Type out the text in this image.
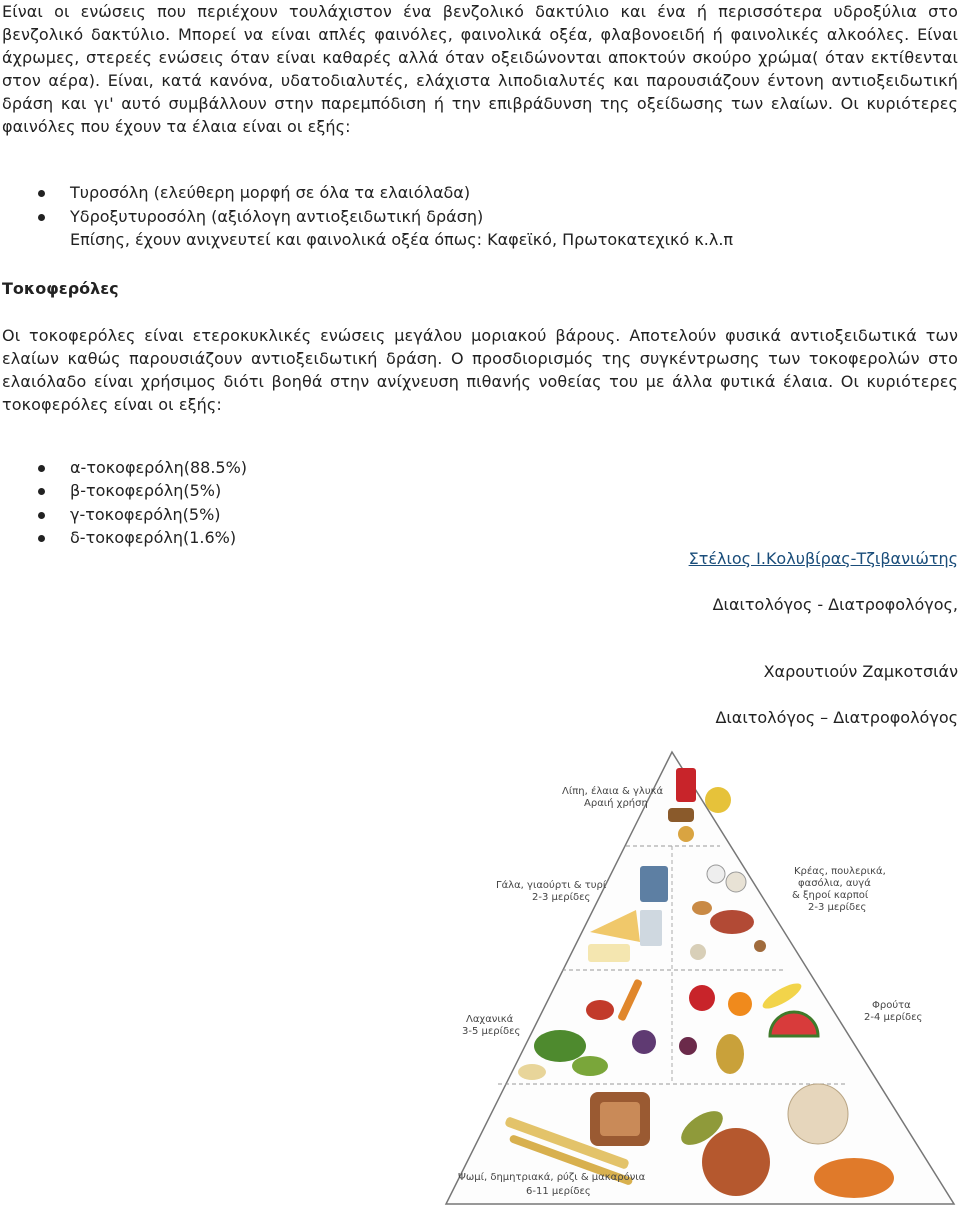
Είναι οι ενώσεις που περιέχουν τουλάχιστον ένα βενζολικό δακτύλιο και ένα ή περισσότερα υδροξύλια στο βενζολικό δακτύλιο. Μπορεί να είναι απλές φαινόλες, φαινολικά οξέα, φλαβονοειδή ή φαινολικές αλκοόλες. Είναι άχρωμες, στερεές ενώσεις όταν είναι καθαρές αλλά όταν οξειδώνονται αποκτούν σκούρο χρώμα( όταν εκτίθενται στον αέρα). Είναι, κατά κανόνα, υδατοδιαλυτές, ελάχιστα λιποδιαλυτές και παρουσιάζουν έντονη αντιοξειδωτική δράση και γι' αυτό συμβάλλουν στην παρεμπόδιση ή την επιβράδυνση της οξείδωσης των ελαίων. Οι κυριότερες φαινόλες που έχουν τα έλαια είναι οι εξής:

Τυροσόλη (ελεύθερη μορφή σε όλα τα ελαιόλαδα)
Υδροξυτυροσόλη (αξιόλογη αντιοξειδωτική δράση)
Επίσης, έχουν ανιχνευτεί και φαινολικά οξέα όπως: Καφεϊκό, Πρωτοκατεχικό κ.λ.π
Τοκοφερόλες

Οι τοκοφερόλες είναι ετεροκυκλικές ενώσεις μεγάλου μοριακού βάρους. Αποτελούν φυσικά αντιοξειδωτικά των ελαίων καθώς παρουσιάζουν αντιοξειδωτική δράση. Ο προσδιορισμός της συγκέντρωσης των τοκοφερολών στο ελαιόλαδο είναι χρήσιμος διότι βοηθά στην ανίχνευση πιθανής νοθείας του με άλλα φυτικά έλαια. Οι κυριότερες τοκοφερόλες είναι οι εξής:

α-τοκοφερόλη(88.5%)
β-τοκοφερόλη(5%)
γ-τοκοφερόλη(5%)
δ-τοκοφερόλη(1.6%)
Στέλιος Ι.Κολυβίρας-Τζιβανιώτης
Διαιτολόγος - Διατροφολόγος,
Χαρουτιούν Ζαμκοτσιάν
Διαιτολόγος – Διατροφολόγος
Λίπη, έλαια & γλυκά
Αραιή χρήση
Γάλα, γιαούρτι & τυρί
2-3 μερίδες
Κρέας, πουλερικά,
φασόλια, αυγά
& ξηροί καρποί
2-3 μερίδες
Λαχανικά
3-5 μερίδες
Φρούτα
2-4 μερίδες
Ψωμί, δημητριακά, ρύζι & μακαρόνια
6-11 μερίδες
